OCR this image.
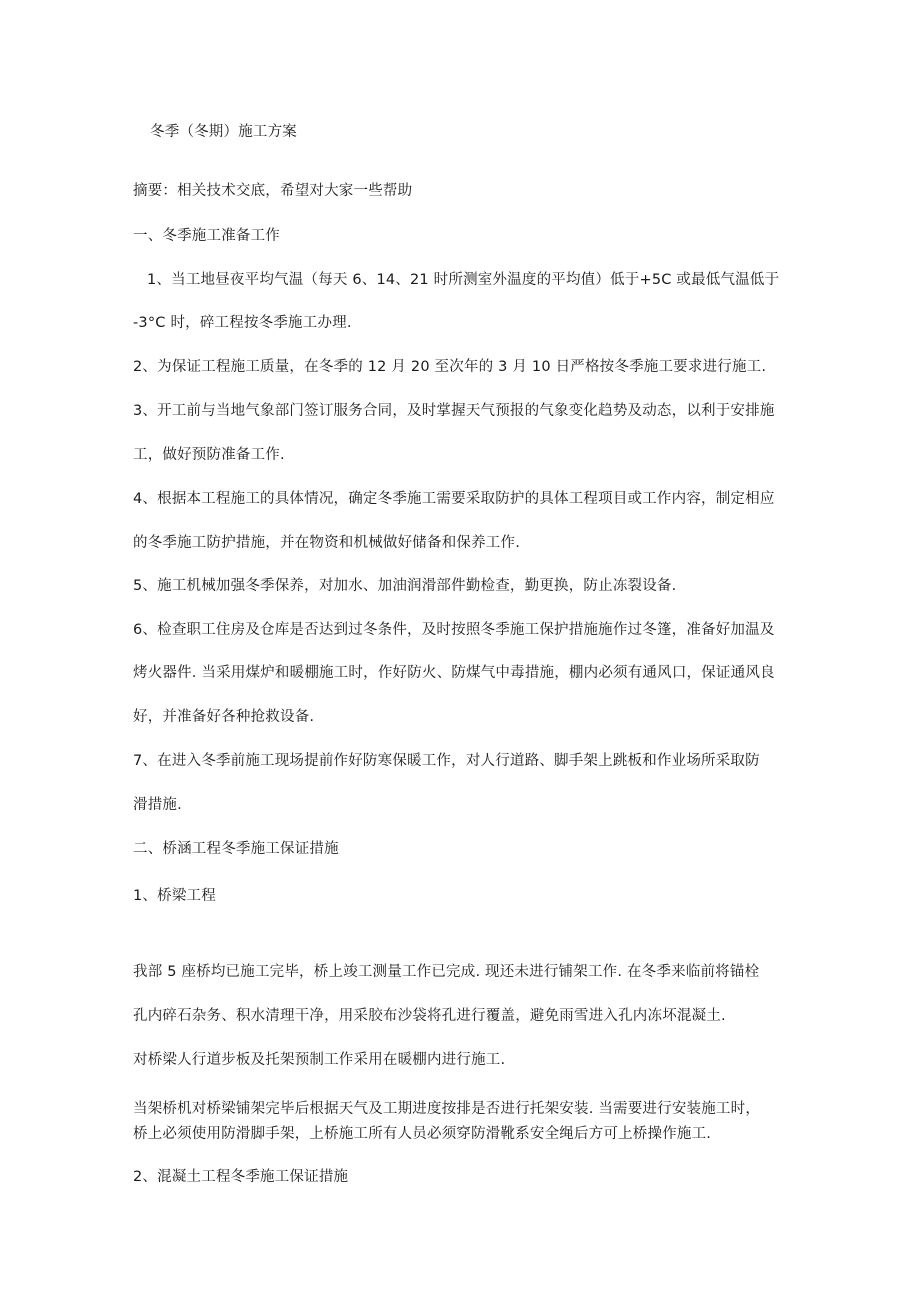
冬季（冬期）施工方案
摘要：相关技术交底，希望对大家一些帮助
一、冬季施工准备工作
1、当工地昼夜平均气温（每天 6、14、21 时所测室外温度的平均值）低于+5C 或最低气温低于
-3°C 时，碎工程按冬季施工办理.
2、为保证工程施工质量，在冬季的 12 月 20 至次年的 3 月 10 日严格按冬季施工要求进行施工.
3、开工前与当地气象部门签订服务合同，及时掌握天气预报的气象变化趋势及动态，以利于安排施
工，做好预防准备工作.
4、根据本工程施工的具体情况，确定冬季施工需要采取防护的具体工程项目或工作内容，制定相应
的冬季施工防护措施，并在物资和机械做好储备和保养工作.
5、施工机械加强冬季保养，对加水、加油润滑部件勤检查，勤更换，防止冻裂设备.
6、检查职工住房及仓库是否达到过冬条件，及时按照冬季施工保护措施施作过冬篷，准备好加温及
烤火器件. 当采用煤炉和暖棚施工时，作好防火、防煤气中毒措施，棚内必须有通风口，保证通风良
好，并准备好各种抢救设备.
7、在进入冬季前施工现场提前作好防寒保暖工作，对人行道路、脚手架上跳板和作业场所采取防
滑措施.
二、桥涵工程冬季施工保证措施
1、桥梁工程
我部 5 座桥均已施工完毕，桥上竣工测量工作已完成. 现还未进行铺架工作. 在冬季来临前将锚栓
孔内碎石杂务、积水清理干净，用采胶布沙袋将孔进行覆盖，避免雨雪进入孔内冻坏混凝土.
对桥梁人行道步板及托架预制工作采用在暖棚内进行施工.
当架桥机对桥梁铺架完毕后根据天气及工期进度按排是否进行托架安装. 当需要进行安装施工时，
桥上必须使用防滑脚手架，上桥施工所有人员必须穿防滑靴系安全绳后方可上桥操作施工.
2、混凝土工程冬季施工保证措施
